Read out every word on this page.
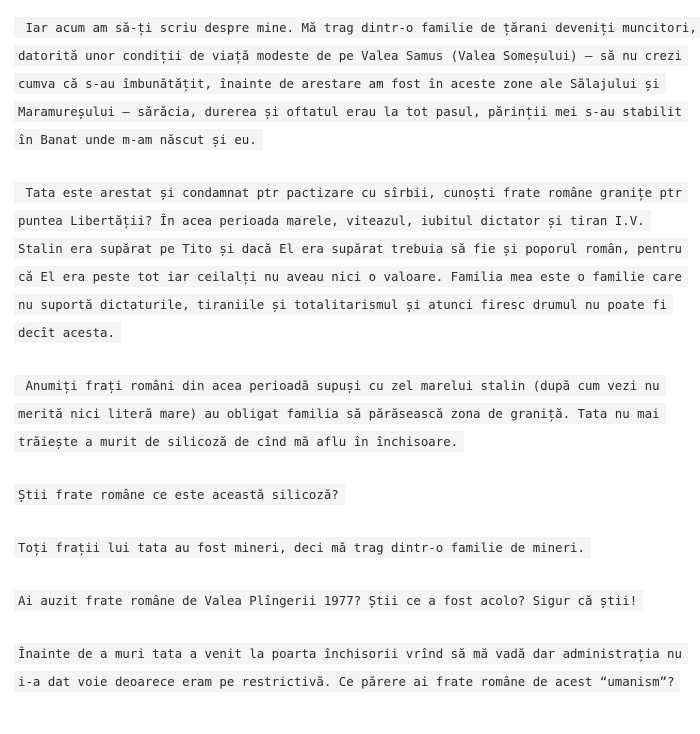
Iar acum am să-ți scriu despre mine. Mă trag dintr-o familie de țărani deveniți muncitori,
datorită unor condiții de viață modeste de pe Valea Samus (Valea Someșului) – să nu crezi
cumva că s-au îmbunătățit, înainte de arestare am fost în aceste zone ale Sălajului și
Maramureșului – sărăcia, durerea și oftatul erau la tot pasul, părinții mei s-au stabilit
în Banat unde m-am născut și eu.
Tata este arestat și condamnat ptr pactizare cu sîrbii, cunoști frate române granițe ptr
puntea Libertății? În acea perioada marele, viteazul, iubitul dictator și tiran I.V.
Stalin era supărat pe Tito și dacă El era supărat trebuia să fie și poporul român, pentru
că El era peste tot iar ceilalți nu aveau nici o valoare. Familia mea este o familie care
nu suportă dictaturile, tiraniile și totalitarismul și atunci firesc drumul nu poate fi
decît acesta.
Anumiți frați români din acea perioadă supuși cu zel marelui stalin (după cum vezi nu
merită nici literă mare) au obligat familia să părăsească zona de graniță. Tata nu mai
trăiește a murit de silicoză de cînd mă aflu în închisoare.
Știi frate române ce este această silicoză?
Toți frații lui tata au fost mineri, deci mă trag dintr-o familie de mineri.
Ai auzit frate române de Valea Plîngerii 1977? Știi ce a fost acolo? Sigur că știi!
Înainte de a muri tata a venit la poarta închisorii vrînd să mă vadă dar administrația nu
i-a dat voie deoarece eram pe restrictivă. Ce părere ai frate române de acest “umanism”?
